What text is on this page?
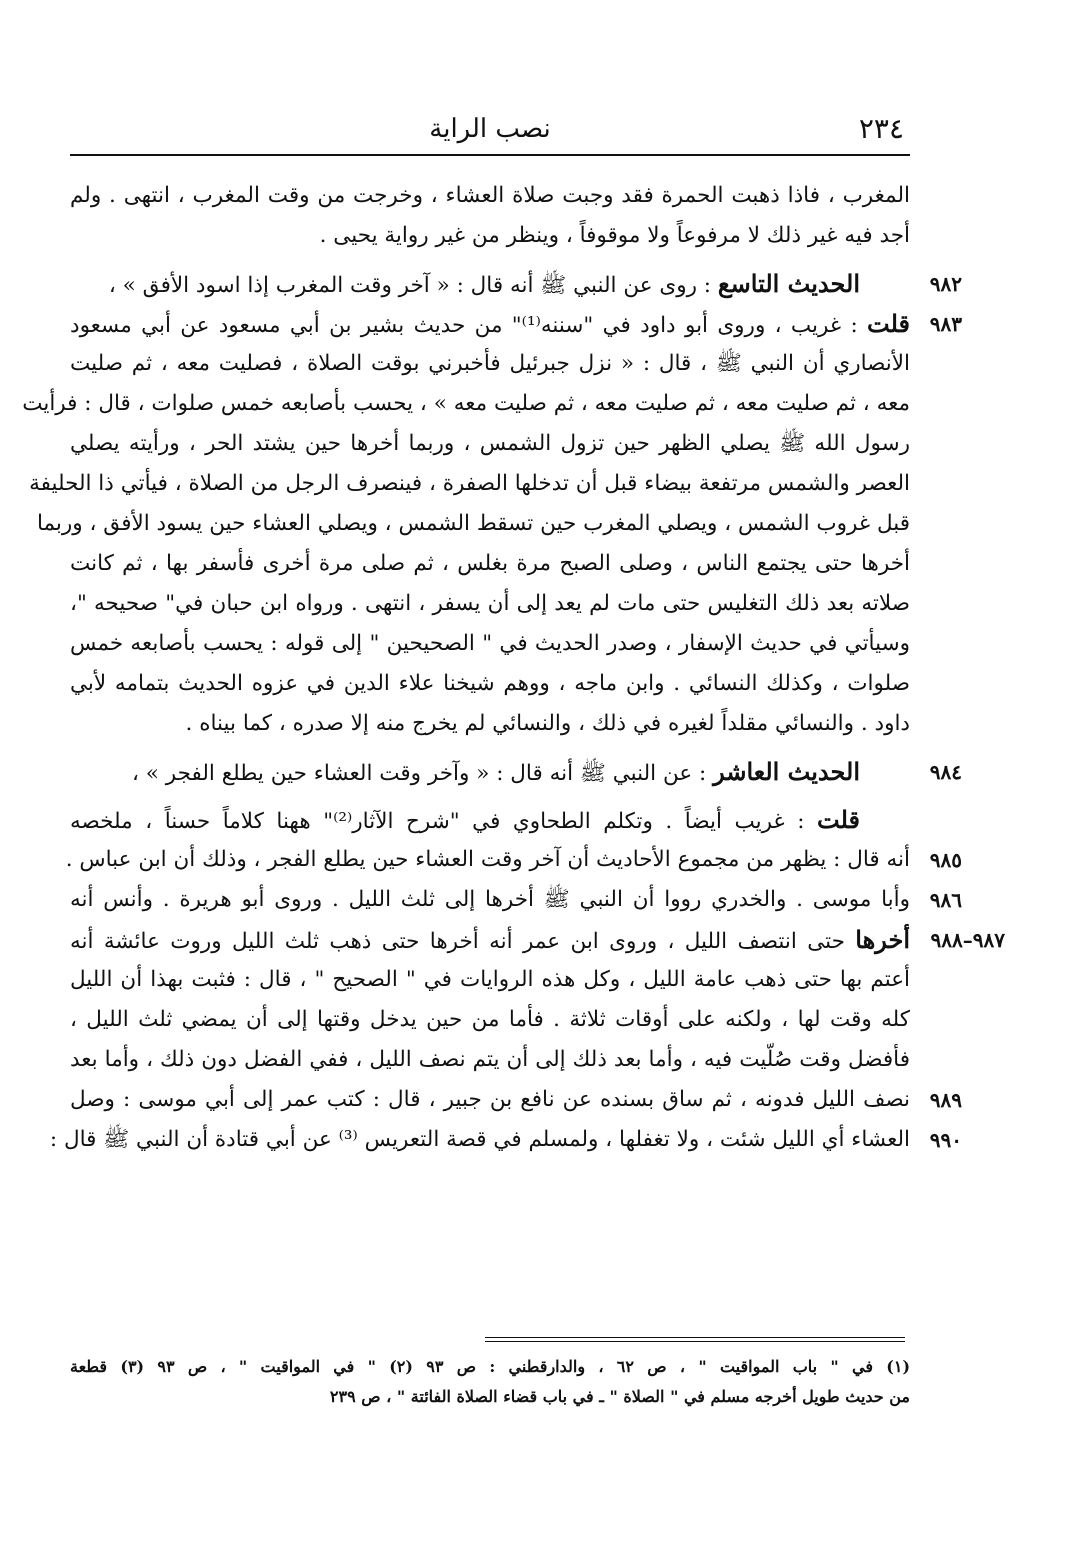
٢٣٤
نصب الراية
المغرب ، فاذا ذهبت الحمرة فقد وجبت صلاة العشاء ، وخرجت من وقت المغرب ، انتهى . ولم
أجد فيه غير ذلك لا مرفوعاً ولا موقوفاً ، وينظر من غير رواية يحيى .
٩٨٢
الحديث التاسع : روى عن النبي ﷺ أنه قال : « آخر وقت المغرب إذا اسود الأفق » ،
٩٨٣
قلت : غريب ، وروى أبو داود في "سننه⁽¹⁾" من حديث بشير بن أبي مسعود عن أبي مسعود
الأنصاري أن النبي ﷺ ، قال : « نزل جبرئيل فأخبرني بوقت الصلاة ، فصليت معه ، ثم صليت
معه ، ثم صليت معه ، ثم صليت معه ، ثم صليت معه » ، يحسب بأصابعه خمس صلوات ، قال : فرأيت
رسول الله ﷺ يصلي الظهر حين تزول الشمس ، وربما أخرها حين يشتد الحر ، ورأيته يصلي
العصر والشمس مرتفعة بيضاء قبل أن تدخلها الصفرة ، فينصرف الرجل من الصلاة ، فيأتي ذا الحليفة
قبل غروب الشمس ، ويصلي المغرب حين تسقط الشمس ، ويصلي العشاء حين يسود الأفق ، وربما
أخرها حتى يجتمع الناس ، وصلى الصبح مرة بغلس ، ثم صلى مرة أخرى فأسفر بها ، ثم كانت
صلاته بعد ذلك التغليس حتى مات لم يعد إلى أن يسفر ، انتهى . ورواه ابن حبان في" صحيحه "،
وسيأتي في حديث الإسفار ، وصدر الحديث في " الصحيحين " إلى قوله : يحسب بأصابعه خمس
صلوات ، وكذلك النسائي . وابن ماجه ، ووهم شيخنا علاء الدين في عزوه الحديث بتمامه لأبي
داود . والنسائي مقلداً لغيره في ذلك ، والنسائي لم يخرج منه إلا صدره ، كما بيناه .
٩٨٤
الحديث العاشر : عن النبي ﷺ أنه قال : « وآخر وقت العشاء حين يطلع الفجر » ،
قلت : غريب أيضاً . وتكلم الطحاوي في "شرح الآثار⁽²⁾" ههنا كلاماً حسناً ، ملخصه
٩٨٥
أنه قال : يظهر من مجموع الأحاديث أن آخر وقت العشاء حين يطلع الفجر ، وذلك أن ابن عباس .
٩٨٦
وأبا موسى . والخدري رووا أن النبي ﷺ أخرها إلى ثلث الليل . وروى أبو هريرة . وأنس أنه
٩٨٧–٩٨٨
أخرها حتى انتصف الليل ، وروى ابن عمر أنه أخرها حتى ذهب ثلث الليل وروت عائشة أنه
أعتم بها حتى ذهب عامة الليل ، وكل هذه الروايات في " الصحيح " ، قال : فثبت بهذا أن الليل
كله وقت لها ، ولكنه على أوقات ثلاثة . فأما من حين يدخل وقتها إلى أن يمضي ثلث الليل ،
فأفضل وقت صُلّيت فيه ، وأما بعد ذلك إلى أن يتم نصف الليل ، ففي الفضل دون ذلك ، وأما بعد
٩٨٩
نصف الليل فدونه ، ثم ساق بسنده عن نافع بن جبير ، قال : كتب عمر إلى أبي موسى : وصل
٩٩٠
العشاء أي الليل شئت ، ولا تغفلها ، ولمسلم في قصة التعريس ⁽³⁾ عن أبي قتادة أن النبي ﷺ قال :
(١) في " باب المواقيت " ، ص ٦٢ ، والدارقطني : ص ٩٣ (٢) " في المواقيت " ، ص ٩٣ (٣) قطعة
من حديث طويل أخرجه مسلم في " الصلاة " ـ في باب قضاء الصلاة الفائتة " ، ص ٢٣٩
